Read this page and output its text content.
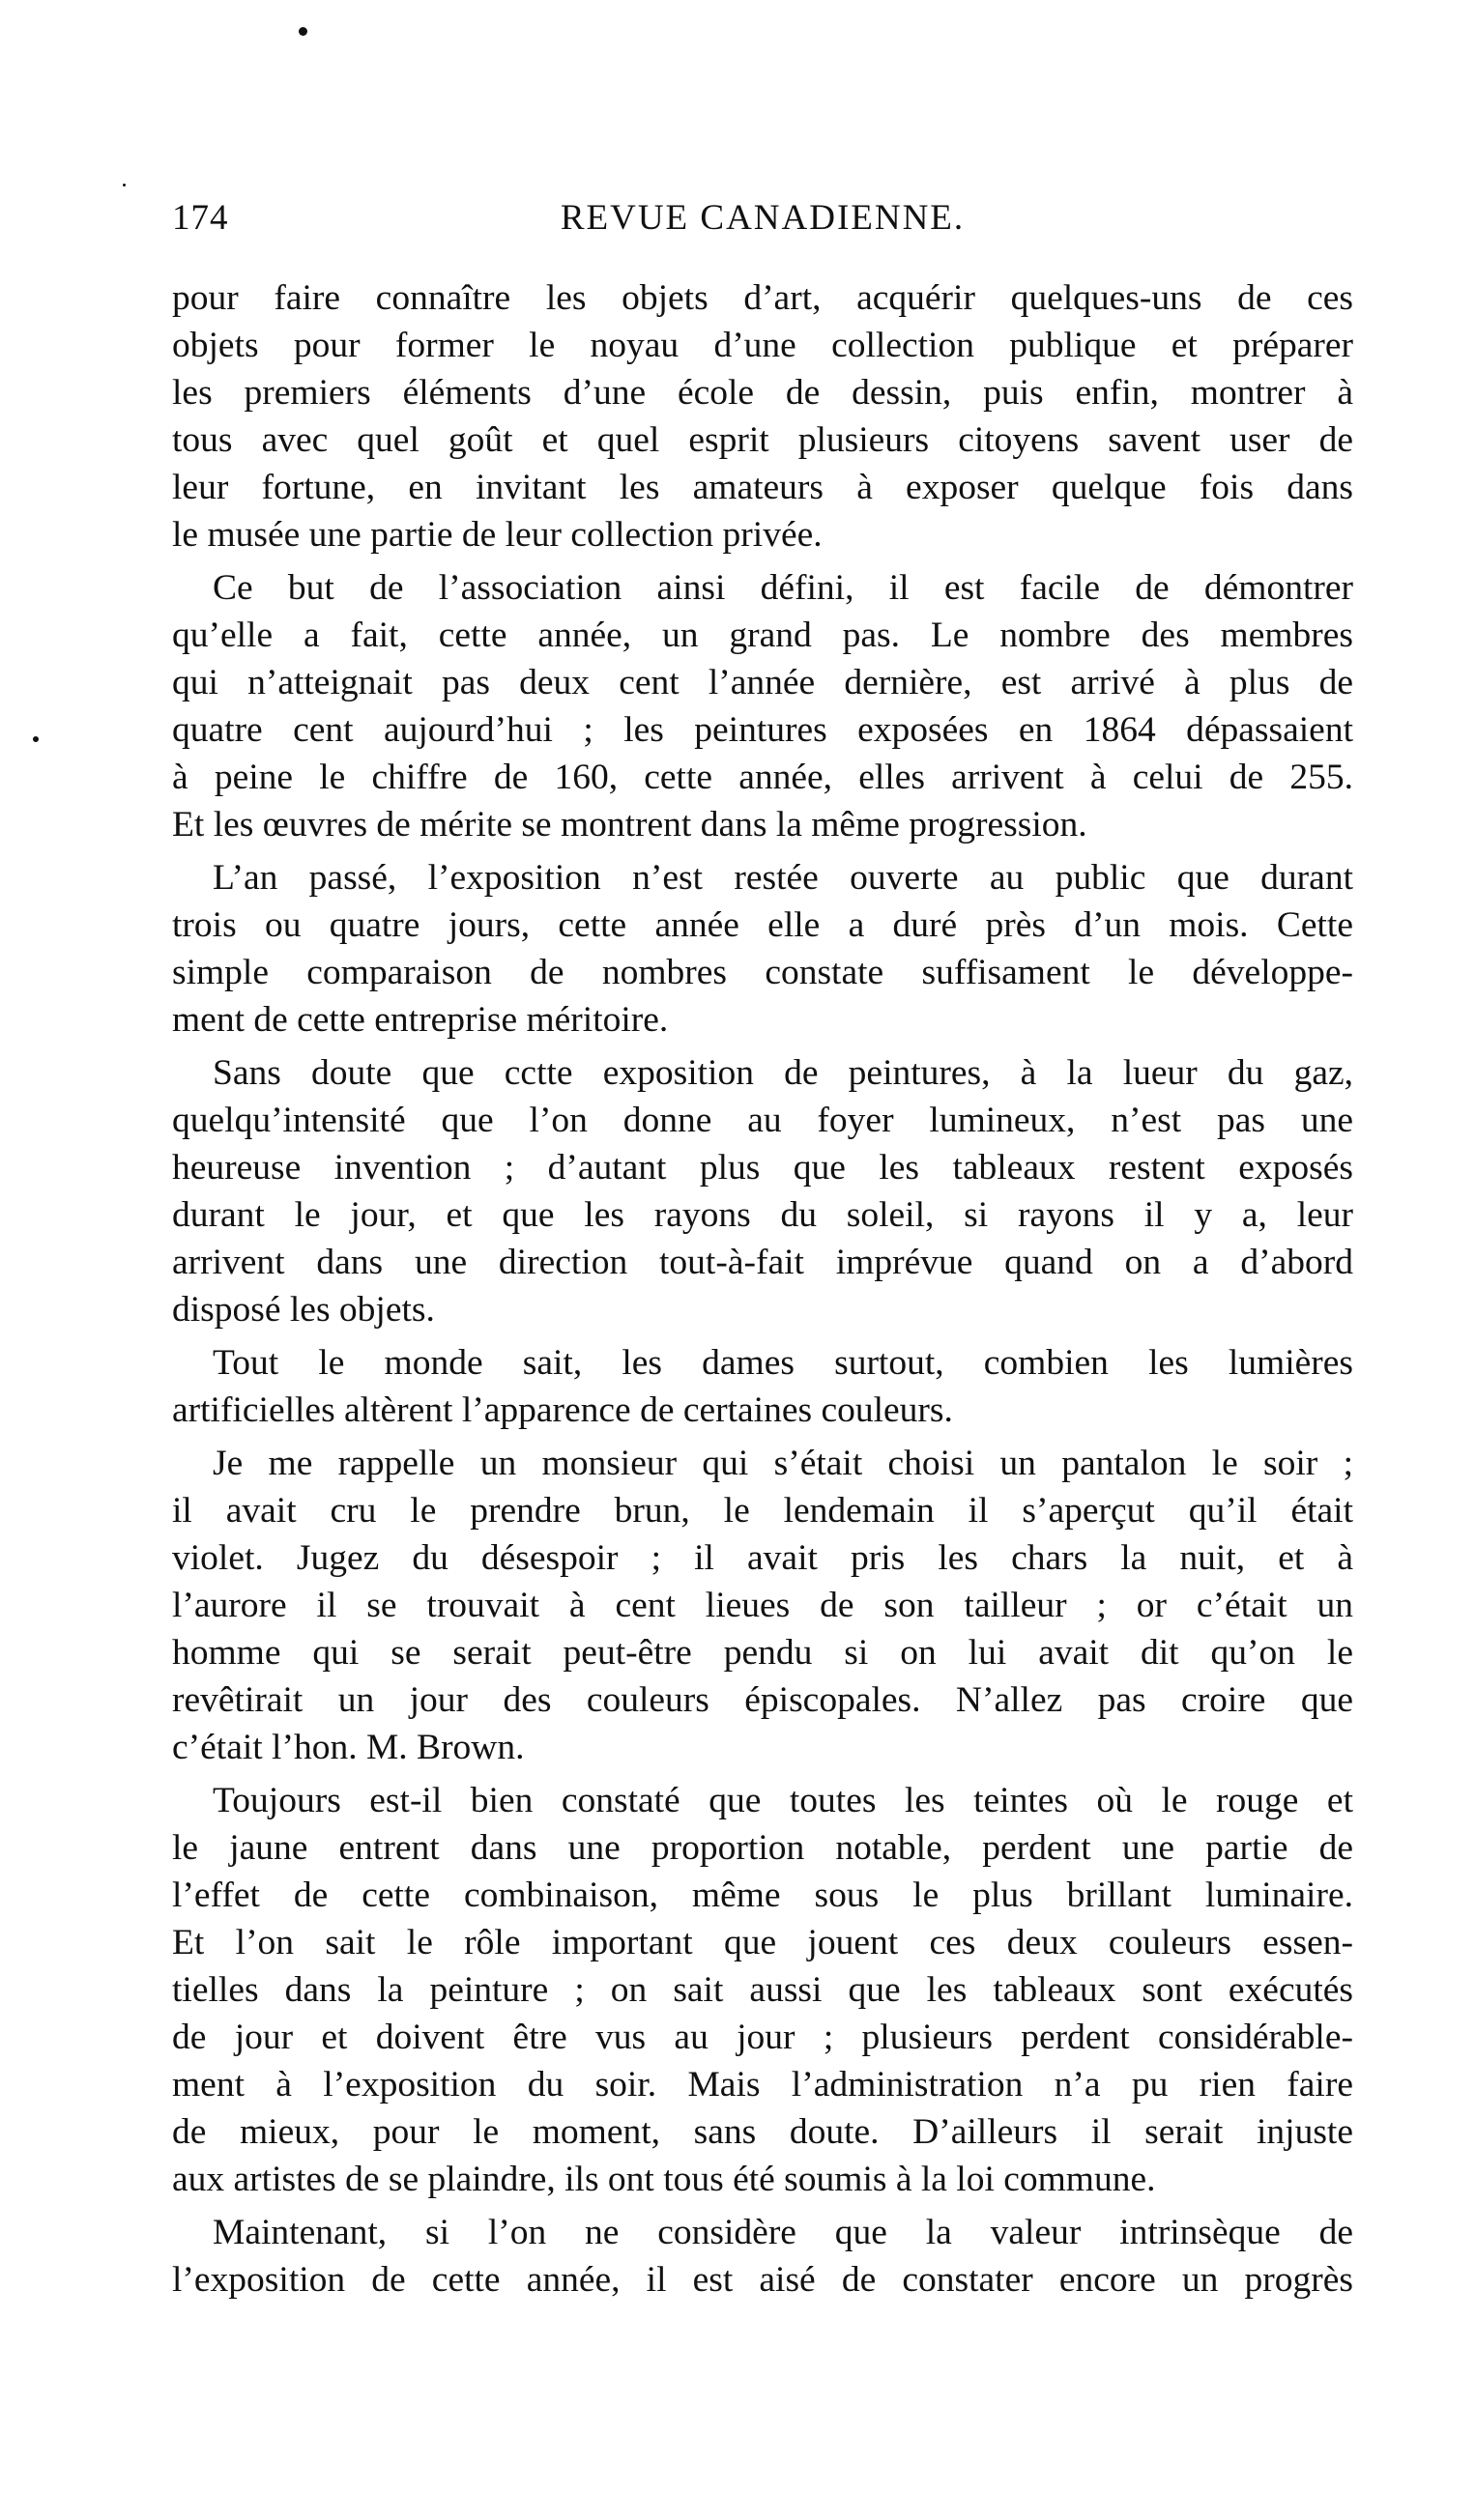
174	REVUE CANADIENNE.
pour faire connaître les objets d’art, acquérir quelques-uns de ces
objets pour former le noyau d’une collection publique et préparer
les premiers éléments d’une école de dessin, puis enfin, montrer à
tous avec quel goût et quel esprit plusieurs citoyens savent user de
leur fortune, en invitant les amateurs à exposer quelque fois dans
le musée une partie de leur collection privée.
Ce but de l’association ainsi défini, il est facile de démontrer
qu’elle a fait, cette année, un grand pas. Le nombre des membres
qui n’atteignait pas deux cent l’année dernière, est arrivé à plus de
quatre cent aujourd’hui ; les peintures exposées en 1864 dépassaient
à peine le chiffre de 160, cette année, elles arrivent à celui de 255.
Et les œuvres de mérite se montrent dans la même progression.
L’an passé, l’exposition n’est restée ouverte au public que durant
trois ou quatre jours, cette année elle a duré près d’un mois. Cette
simple comparaison de nombres constate suffisament le développe-
ment de cette entreprise méritoire.
Sans doute que cctte exposition de peintures, à la lueur du gaz,
quelqu’intensité que l’on donne au foyer lumineux, n’est pas une
heureuse invention ; d’autant plus que les tableaux restent exposés
durant le jour, et que les rayons du soleil, si rayons il y a, leur
arrivent dans une direction tout-à-fait imprévue quand on a d’abord
disposé les objets.
Tout le monde sait, les dames surtout, combien les lumières
artificielles altèrent l’apparence de certaines couleurs.
Je me rappelle un monsieur qui s’était choisi un pantalon le soir ;
il avait cru le prendre brun, le lendemain il s’aperçut qu’il était
violet. Jugez du désespoir ; il avait pris les chars la nuit, et à
l’aurore il se trouvait à cent lieues de son tailleur ; or c’était un
homme qui se serait peut-être pendu si on lui avait dit qu’on le
revêtirait un jour des couleurs épiscopales. N’allez pas croire que
c’était l’hon. M. Brown.
Toujours est-il bien constaté que toutes les teintes où le rouge et
le jaune entrent dans une proportion notable, perdent une partie de
l’effet de cette combinaison, même sous le plus brillant luminaire.
Et l’on sait le rôle important que jouent ces deux couleurs essen-
tielles dans la peinture ; on sait aussi que les tableaux sont exécutés
de jour et doivent être vus au jour ; plusieurs perdent considérable-
ment à l’exposition du soir. Mais l’administration n’a pu rien faire
de mieux, pour le moment, sans doute. D’ailleurs il serait injuste
aux artistes de se plaindre, ils ont tous été soumis à la loi commune.
Maintenant, si l’on ne considère que la valeur intrinsèque de
l’exposition de cette année, il est aisé de constater encore un progrès
